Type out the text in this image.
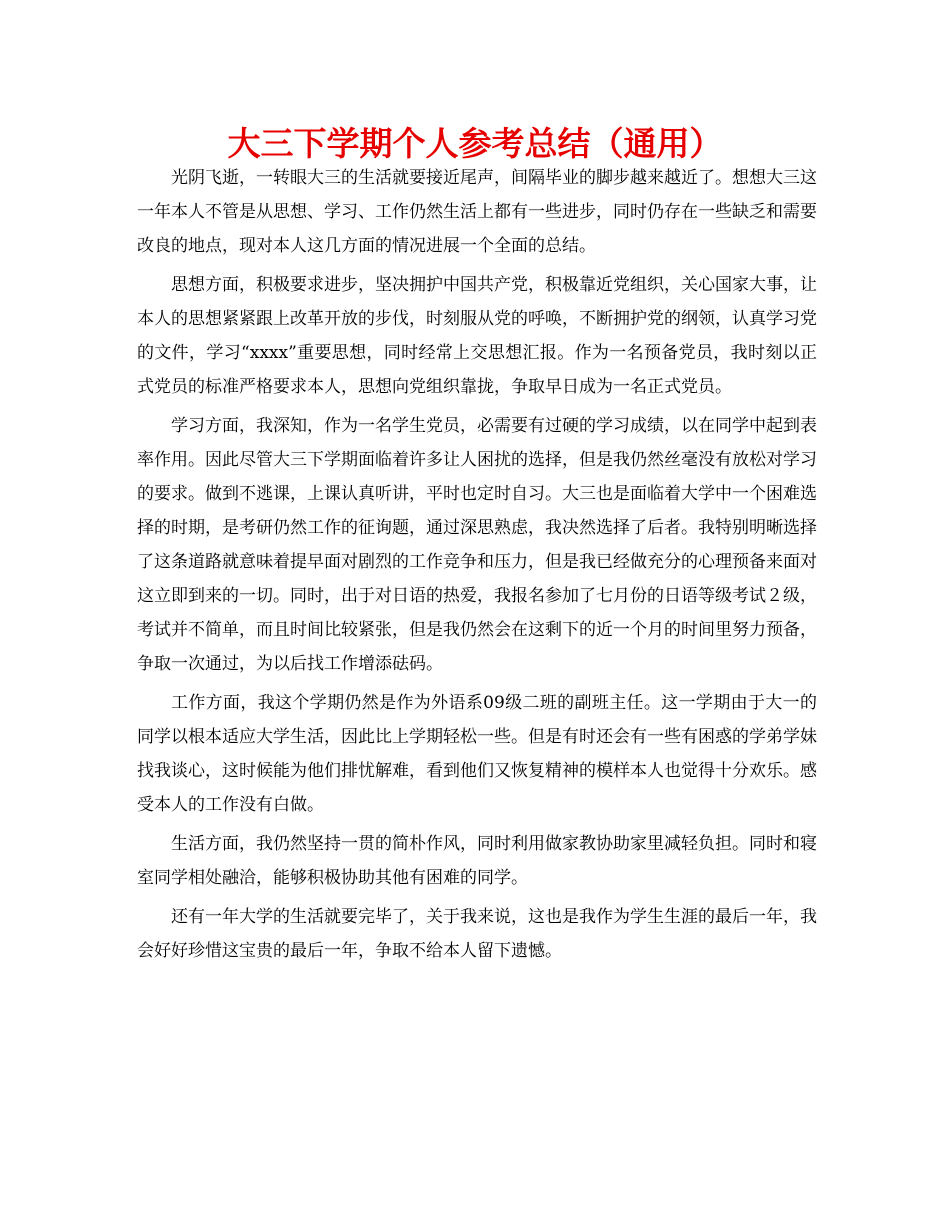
大三下学期个人参考总结（通用）

光阴飞逝，一转眼大三的生活就要接近尾声，间隔毕业的脚步越来越近了。想想大三这一年本人不管是从思想、学习、工作仍然生活上都有一些进步，同时仍存在一些缺乏和需要改良的地点，现对本人这几方面的情况进展一个全面的总结。

思想方面，积极要求进步，坚决拥护中国共产党，积极靠近党组织，关心国家大事，让本人的思想紧紧跟上改革开放的步伐，时刻服从党的呼唤，不断拥护党的纲领，认真学习党的文件，学习“xxxx”重要思想，同时经常上交思想汇报。作为一名预备党员，我时刻以正式党员的标准严格要求本人，思想向党组织靠拢，争取早日成为一名正式党员。

学习方面，我深知，作为一名学生党员，必需要有过硬的学习成绩，以在同学中起到表率作用。因此尽管大三下学期面临着许多让人困扰的选择，但是我仍然丝毫没有放松对学习的要求。做到不逃课，上课认真听讲，平时也定时自习。大三也是面临着大学中一个困难选择的时期，是考研仍然工作的征询题，通过深思熟虑，我决然选择了后者。我特别明晰选择了这条道路就意味着提早面对剧烈的工作竞争和压力，但是我已经做充分的心理预备来面对这立即到来的一切。同时，出于对日语的热爱，我报名参加了七月份的日语等级考试２级，考试并不简单，而且时间比较紧张，但是我仍然会在这剩下的近一个月的时间里努力预备，争取一次通过，为以后找工作增添砝码。

工作方面，我这个学期仍然是作为外语系09级二班的副班主任。这一学期由于大一的同学以根本适应大学生活，因此比上学期轻松一些。但是有时还会有一些有困惑的学弟学妹找我谈心，这时候能为他们排忧解难，看到他们又恢复精神的模样本人也觉得十分欢乐。感受本人的工作没有白做。

生活方面，我仍然坚持一贯的简朴作风，同时利用做家教协助家里减轻负担。同时和寝室同学相处融洽，能够积极协助其他有困难的同学。

还有一年大学的生活就要完毕了，关于我来说，这也是我作为学生生涯的最后一年，我会好好珍惜这宝贵的最后一年，争取不给本人留下遗憾。
